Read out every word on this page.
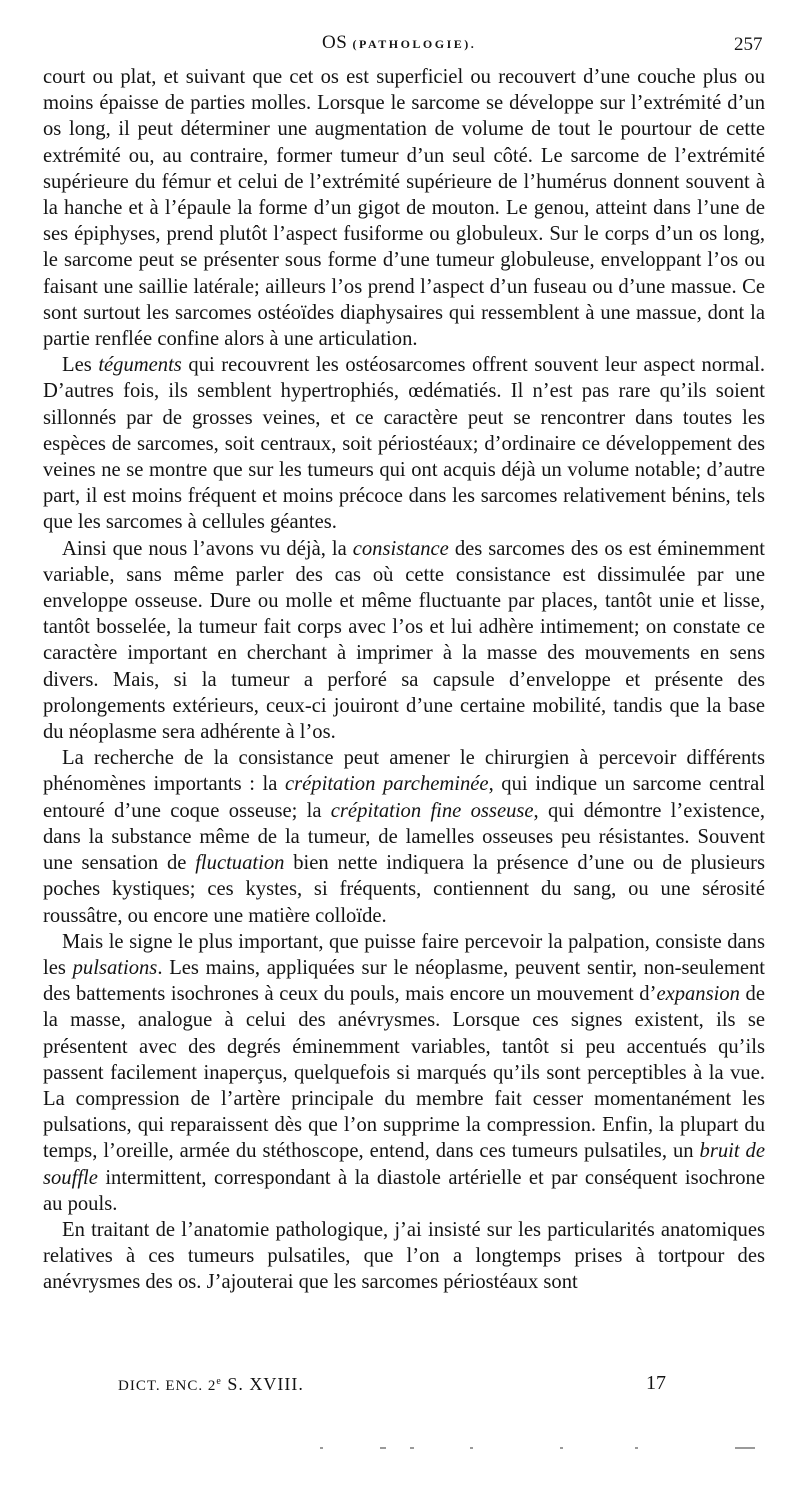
OS (PATHOLOGIE).	257

court ou plat, et suivant que cet os est superficiel ou recouvert d’une couche plus ou moins épaisse de parties molles. Lorsque le sarcome se développe sur l’extrémité d’un os long, il peut déterminer une augmentation de volume de tout le pourtour de cette extrémité ou, au contraire, former tumeur d’un seul côté. Le sarcome de l’extrémité supérieure du fémur et celui de l’extrémité supérieure de l’humérus donnent souvent à la hanche et à l’épaule la forme d’un gigot de mouton. Le genou, atteint dans l’une de ses épiphyses, prend plutôt l’aspect fusiforme ou globuleux. Sur le corps d’un os long, le sarcome peut se présenter sous forme d’une tumeur globuleuse, enveloppant l’os ou faisant une saillie latérale; ailleurs l’os prend l’aspect d’un fuseau ou d’une massue. Ce sont surtout les sarcomes ostéoïdes diaphysaires qui ressemblent à une massue, dont la partie renflée confine alors à une articulation.

Les téguments qui recouvrent les ostéosarcomes offrent souvent leur aspect normal. D’autres fois, ils semblent hypertrophiés, œdématiés. Il n’est pas rare qu’ils soient sillonnés par de grosses veines, et ce caractère peut se rencontrer dans toutes les espèces de sarcomes, soit centraux, soit périostéaux; d’ordinaire ce développement des veines ne se montre que sur les tumeurs qui ont acquis déjà un volume notable; d’autre part, il est moins fréquent et moins précoce dans les sarcomes relativement bénins, tels que les sarcomes à cellules géantes.

Ainsi que nous l’avons vu déjà, la consistance des sarcomes des os est éminemment variable, sans même parler des cas où cette consistance est dissimulée par une enveloppe osseuse. Dure ou molle et même fluctuante par places, tantôt unie et lisse, tantôt bosselée, la tumeur fait corps avec l’os et lui adhère intimement; on constate ce caractère important en cherchant à imprimer à la masse des mouvements en sens divers. Mais, si la tumeur a perforé sa capsule d’enveloppe et présente des prolongements extérieurs, ceux-ci jouiront d’une certaine mobilité, tandis que la base du néoplasme sera adhérente à l’os.

La recherche de la consistance peut amener le chirurgien à percevoir différents phénomènes importants : la crépitation parcheminée, qui indique un sarcome central entouré d’une coque osseuse; la crépitation fine osseuse, qui démontre l’existence, dans la substance même de la tumeur, de lamelles osseuses peu résistantes. Souvent une sensation de fluctuation bien nette indiquera la présence d’une ou de plusieurs poches kystiques; ces kystes, si fréquents, contiennent du sang, ou une sérosité roussâtre, ou encore une matière colloïde.

Mais le signe le plus important, que puisse faire percevoir la palpation, consiste dans les pulsations. Les mains, appliquées sur le néoplasme, peuvent sentir, non-seulement des battements isochrones à ceux du pouls, mais encore un mouvement d’expansion de la masse, analogue à celui des anévrysmes. Lorsque ces signes existent, ils se présentent avec des degrés éminemment variables, tantôt si peu accentués qu’ils passent facilement inaperçus, quelquefois si marqués qu’ils sont perceptibles à la vue. La compression de l’artère principale du membre fait cesser momentanément les pulsations, qui reparaissent dès que l’on supprime la compression. Enfin, la plupart du temps, l’oreille, armée du stéthoscope, entend, dans ces tumeurs pulsatiles, un bruit de souffle intermittent, correspondant à la diastole artérielle et par conséquent isochrone au pouls.

En traitant de l’anatomie pathologique, j’ai insisté sur les particularités anatomiques relatives à ces tumeurs pulsatiles, que l’on a longtemps prises à tortpour des anévrysmes des os. J’ajouterai que les sarcomes périostéaux sont

DICT. ENC. 2e S. XVIII.	17
